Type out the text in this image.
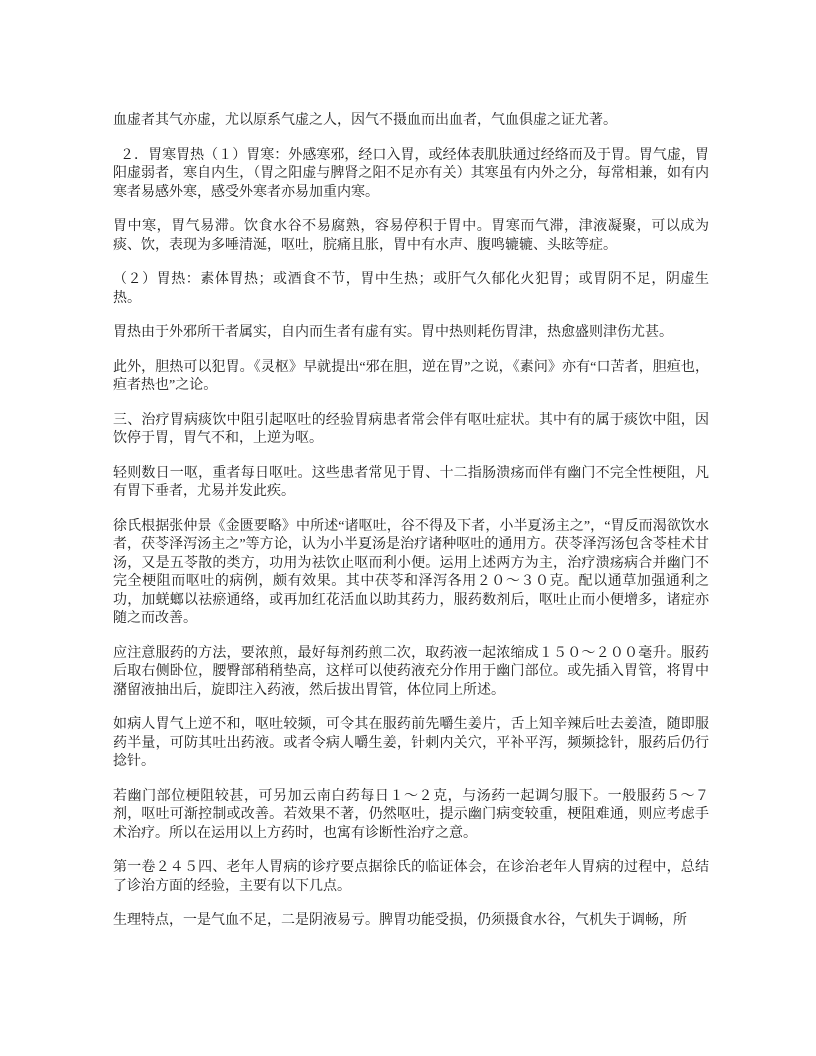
血虚者其气亦虚，尤以原系气虚之人，因气不摄血而出血者，气血俱虚之证尤著。

 ２．胃寒胃热（１）胃寒：外感寒邪，经口入胃，或经体表肌肤通过经络而及于胃。胃气虚，胃阳虚弱者，寒自内生，（胃之阳虚与脾肾之阳不足亦有关）其寒虽有内外之分，每常相兼，如有内寒者易感外寒，感受外寒者亦易加重内寒。

胃中寒，胃气易滞。饮食水谷不易腐熟，容易停积于胃中。胃寒而气滞，津液凝聚，可以成为痰、饮，表现为多唾清涎，呕吐，脘痛且胀，胃中有水声、腹鸣辘辘、头眩等症。

（２）胃热：素体胃热；或酒食不节，胃中生热；或肝气久郁化火犯胃；或胃阴不足，阴虚生热。

胃热由于外邪所干者属实，自内而生者有虚有实。胃中热则耗伤胃津，热愈盛则津伤尤甚。

此外，胆热可以犯胃。《灵枢》早就提出“邪在胆，逆在胃”之说，《素问》亦有“口苦者，胆疸也，疸者热也”之论。

三、治疗胃病痰饮中阻引起呕吐的经验胃病患者常会伴有呕吐症状。其中有的属于痰饮中阻，因饮停于胃，胃气不和，上逆为呕。

轻则数日一呕，重者每日呕吐。这些患者常见于胃、十二指肠溃疡而伴有幽门不完全性梗阻，凡有胃下垂者，尤易并发此疾。

徐氏根据张仲景《金匮要略》中所述“诸呕吐，谷不得及下者，小半夏汤主之”，“胃反而渴欲饮水者，茯苓泽泻汤主之”等方论，认为小半夏汤是治疗诸种呕吐的通用方。茯苓泽泻汤包含苓桂术甘汤，又是五苓散的类方，功用为祛饮止呕而利小便。运用上述两方为主，治疗溃疡病合并幽门不完全梗阻而呕吐的病例，颇有效果。其中茯苓和泽泻各用２０～３０克。配以通草加强通利之功，加蜣螂以祛瘀通络，或再加红花活血以助其药力，服药数剂后，呕吐止而小便增多，诸症亦随之而改善。

应注意服药的方法，要浓煎，最好每剂药煎二次，取药液一起浓缩成１５０～２００毫升。服药后取右侧卧位，腰臀部稍稍垫高，这样可以使药液充分作用于幽门部位。或先插入胃管，将胃中潴留液抽出后，旋即注入药液，然后拔出胃管，体位同上所述。

如病人胃气上逆不和，呕吐较频，可令其在服药前先嚼生姜片，舌上知辛辣后吐去姜渣，随即服药半量，可防其吐出药液。或者令病人嚼生姜，针刺内关穴，平补平泻，频频捻针，服药后仍行捻针。

若幽门部位梗阻较甚，可另加云南白药每日１～２克，与汤药一起调匀服下。一般服药５～７剂，呕吐可渐控制或改善。若效果不著，仍然呕吐，提示幽门病变较重，梗阻难通，则应考虑手术治疗。所以在运用以上方药时，也寓有诊断性治疗之意。

第一卷２４５四、老年人胃病的诊疗要点据徐氏的临证体会，在诊治老年人胃病的过程中，总结了诊治方面的经验，主要有以下几点。

生理特点，一是气血不足，二是阴液易亏。脾胃功能受损，仍须摄食水谷，气机失于调畅，所
